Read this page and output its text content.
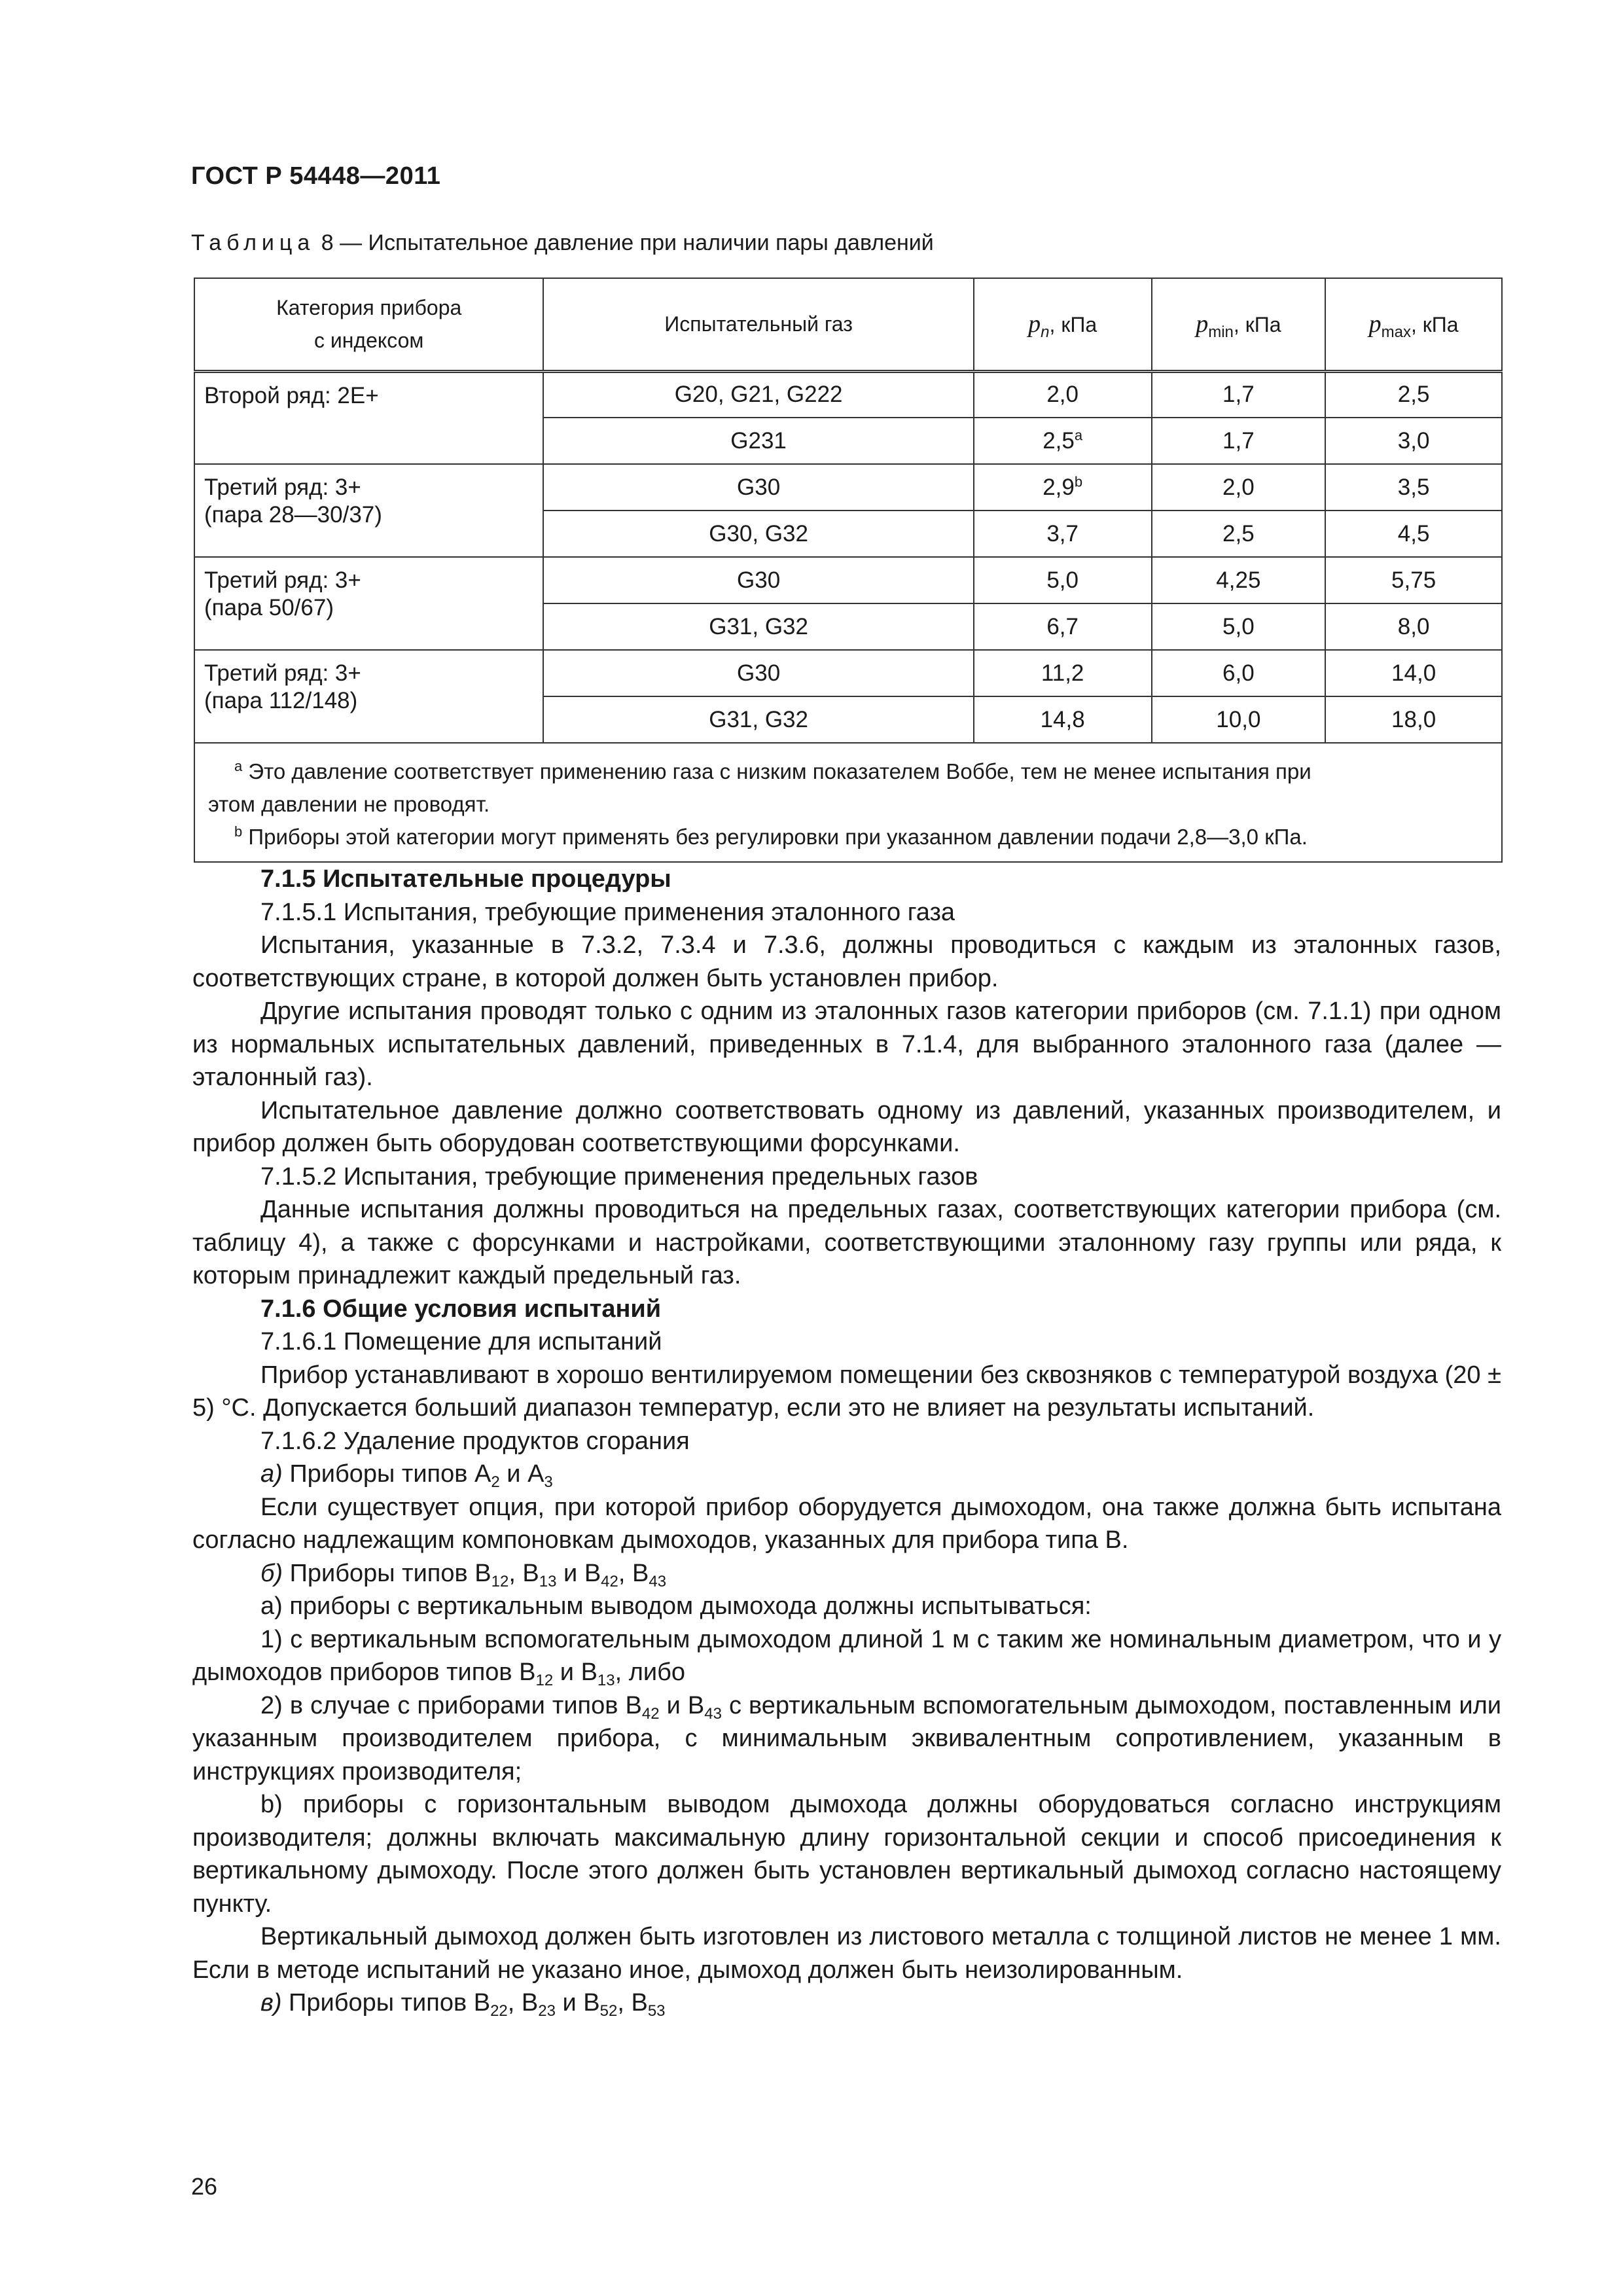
ГОСТ Р 54448—2011
Таблица 8 — Испытательное давление при наличии пары давлений
Категория прибора
с индексом	Испытательный газ	$p_n$, кПа	$p_{min}$, кПа	$p_{max}$, кПа
Второй ряд: 2Е+	G20, G21, G222	2,0	1,7	2,5
	G231	2,5$^a$	1,7	3,0
Третий ряд: 3+
(пара 28—30/37)	G30	2,9$^b$	2,0	3,5
	G30, G32	3,7	2,5	4,5
Третий ряд: 3+
(пара 50/67)	G30	5,0	4,25	5,75
	G31, G32	6,7	5,0	8,0
Третий ряд: 3+
(пара 112/148)	G30	11,2	6,0	14,0
	G31, G32	14,8	10,0	18,0

$^a$ Это давление соответствует применению газа с низким показателем Воббе, тем не менее испытания при
этом давлении не проводят.
$^b$ Приборы этой категории могут применять без регулировки при указанном давлении подачи 2,8—3,0 кПа.				

7.1.5 Испытательные процедуры

7.1.5.1 Испытания, требующие применения эталонного газа

Испытания, указанные в 7.3.2, 7.3.4 и 7.3.6, должны проводиться с каждым из эталонных газов, соответствующих стране, в которой должен быть установлен прибор.

Другие испытания проводят только с одним из эталонных газов категории приборов (см. 7.1.1) при одном из нормальных испытательных давлений, приведенных в 7.1.4, для выбранного эталонного газа (далее — эталонный газ).

Испытательное давление должно соответствовать одному из давлений, указанных производителем, и прибор должен быть оборудован соответствующими форсунками.

7.1.5.2 Испытания, требующие применения предельных газов

Данные испытания должны проводиться на предельных газах, соответствующих категории прибора (см. таблицу 4), а также с форсунками и настройками, соответствующими эталонному газу группы или ряда, к которым принадлежит каждый предельный газ.

7.1.6 Общие условия испытаний

7.1.6.1 Помещение для испытаний

Прибор устанавливают в хорошо вентилируемом помещении без сквозняков с температурой воздуха (20 ± 5) °С. Допускается больший диапазон температур, если это не влияет на результаты испытаний.

7.1.6.2 Удаление продуктов сгорания

а) Приборы типов $А_2$ и $А_3$

Если существует опция, при которой прибор оборудуется дымоходом, она также должна быть испытана согласно надлежащим компоновкам дымоходов, указанных для прибора типа В.

б) Приборы типов $В_{12}$, $В_{13}$ и $В_{42}$, $В_{43}$

а) приборы с вертикальным выводом дымохода должны испытываться:

1) с вертикальным вспомогательным дымоходом длиной 1 м с таким же номинальным диаметром, что и у дымоходов приборов типов $В_{12}$ и $В_{13}$, либо

2) в случае с приборами типов $В_{42}$ и $В_{43}$ с вертикальным вспомогательным дымоходом, поставленным или указанным производителем прибора, с минимальным эквивалентным сопротивлением, указанным в инструкциях производителя;

b) приборы с горизонтальным выводом дымохода должны оборудоваться согласно инструкциям производителя; должны включать максимальную длину горизонтальной секции и способ присоединения к вертикальному дымоходу. После этого должен быть установлен вертикальный дымоход согласно настоящему пункту.

Вертикальный дымоход должен быть изготовлен из листового металла с толщиной листов не менее 1 мм. Если в методе испытаний не указано иное, дымоход должен быть неизолированным.

в) Приборы типов $В_{22}$, $В_{23}$ и $В_{52}$, $В_{53}$

26
